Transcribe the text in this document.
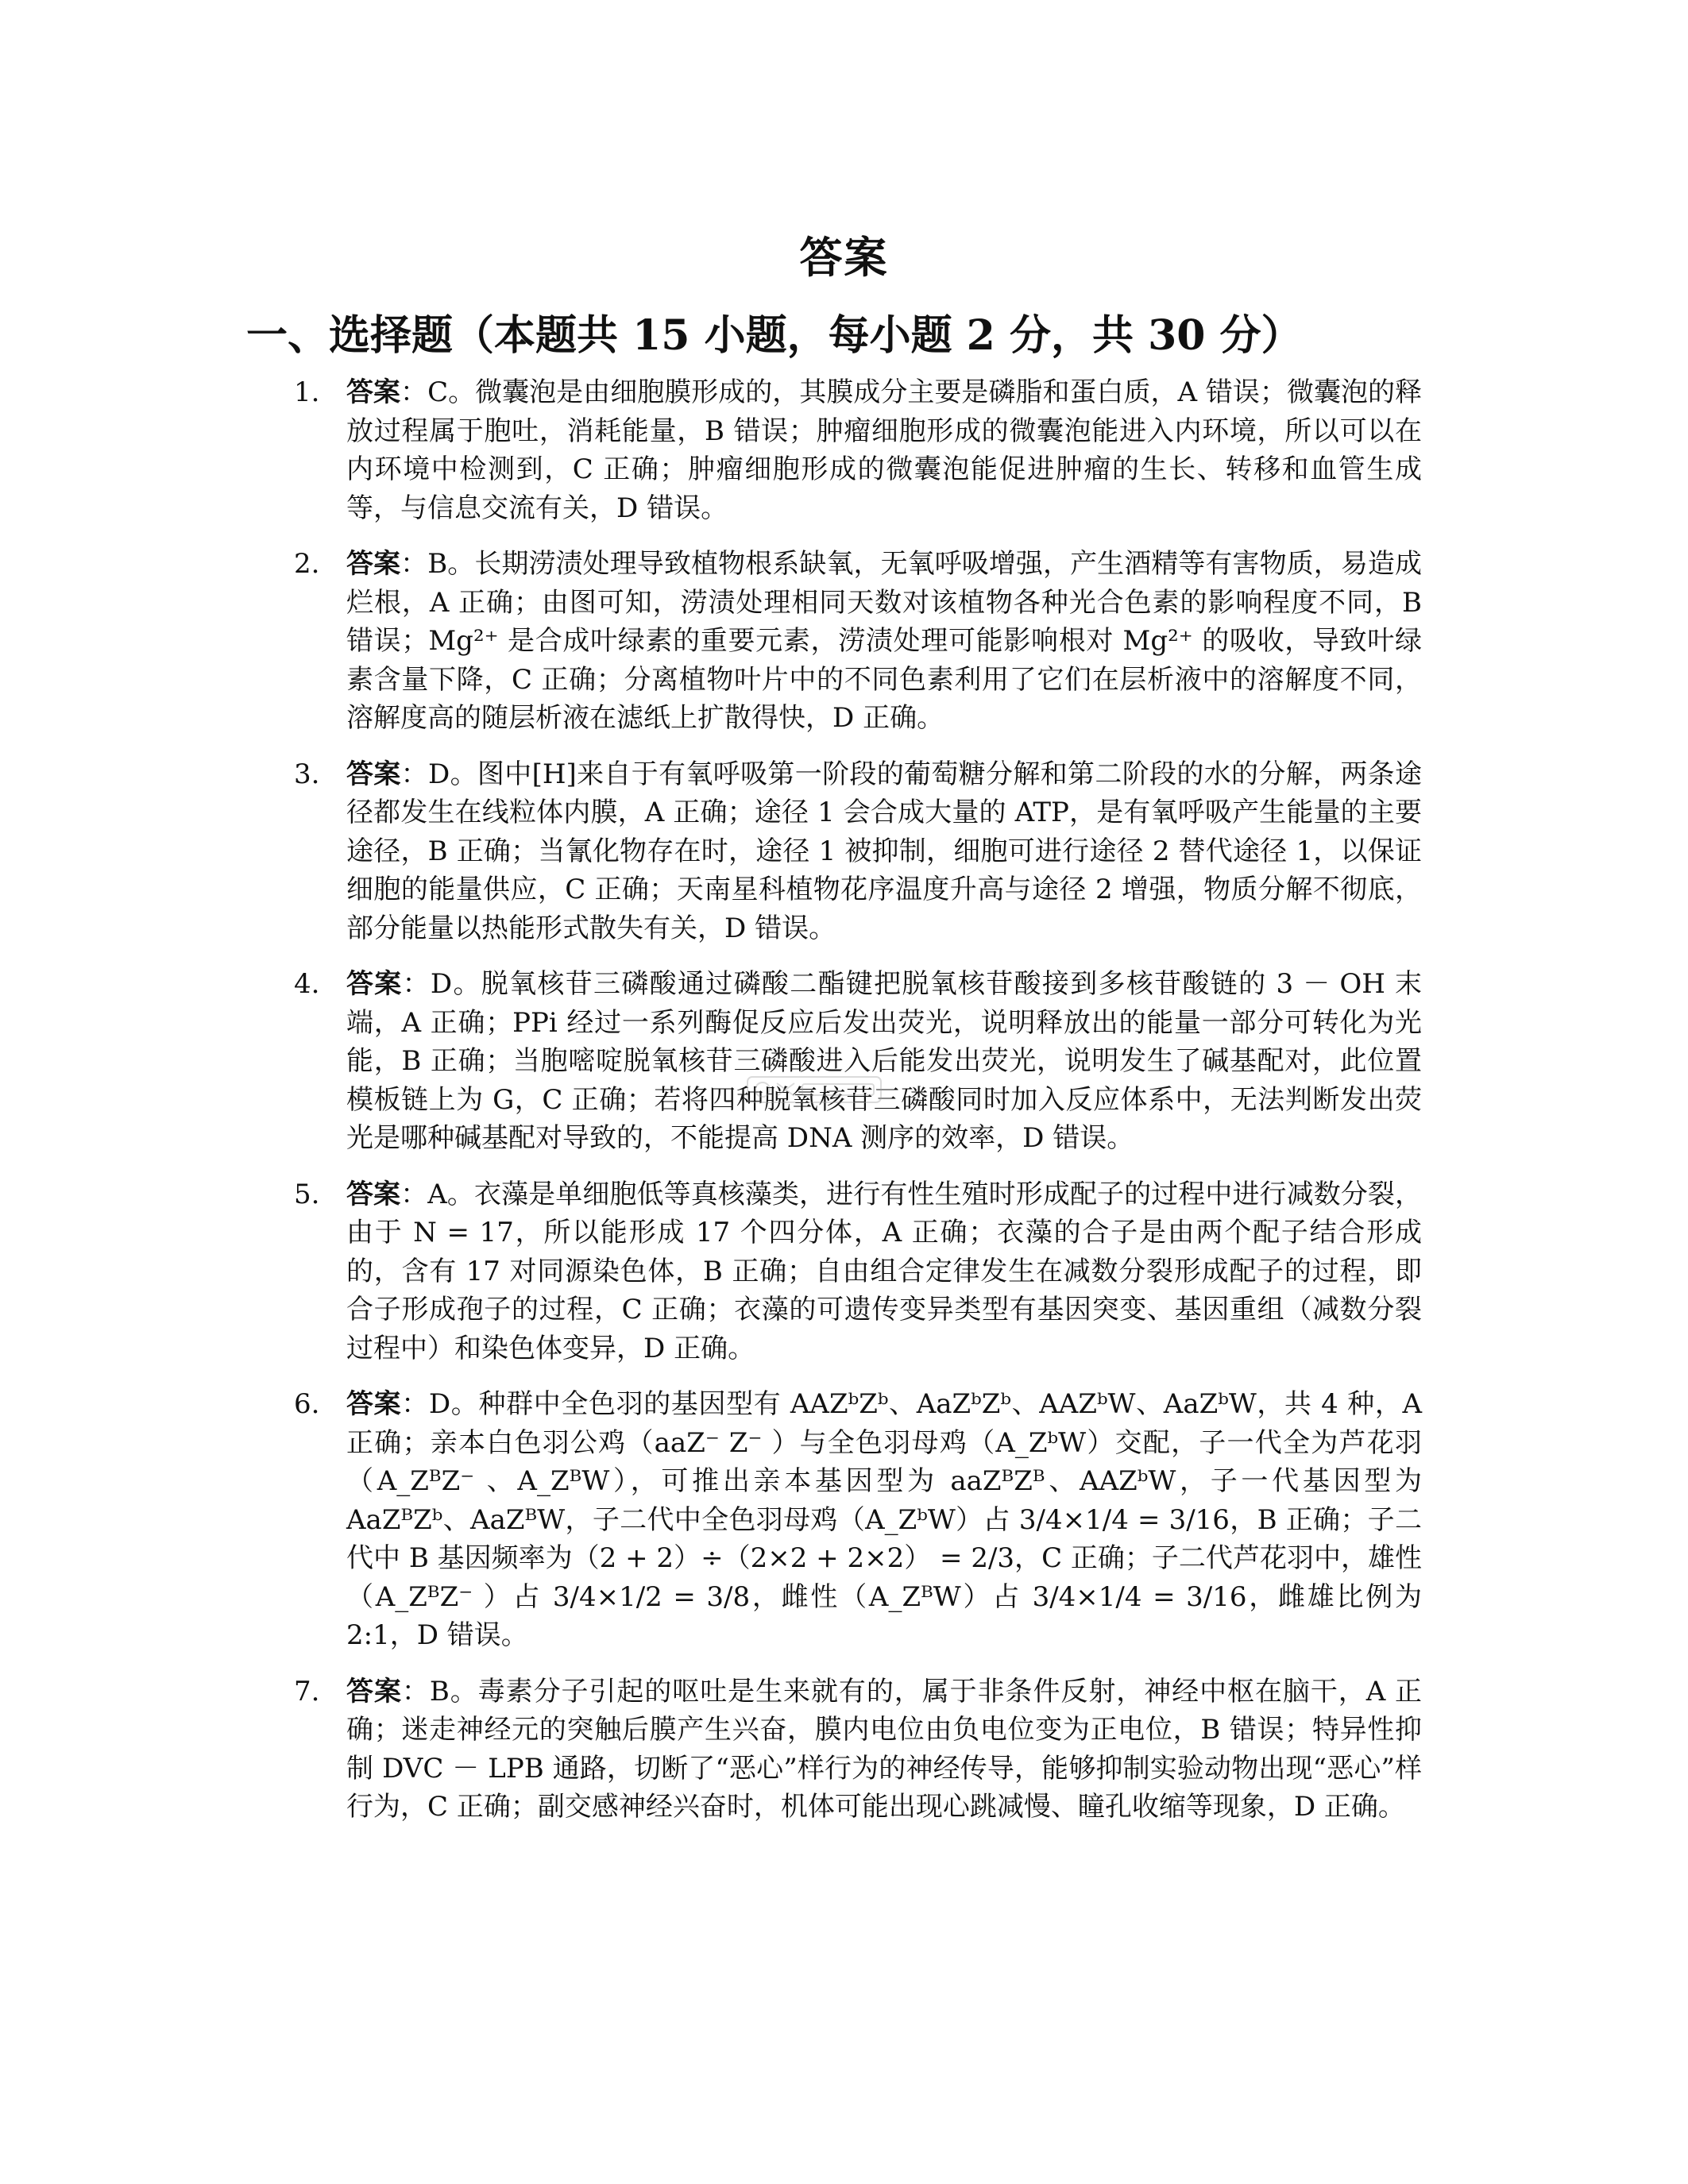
答案
一、选择题（本题共 15 小题，每小题 2 分，共 30 分）
1. 答案：C。微囊泡是由细胞膜形成的，其膜成分主要是磷脂和蛋白质，A 错误；微囊泡的释放过程属于胞吐，消耗能量，B 错误；肿瘤细胞形成的微囊泡能进入内环境，所以可以在内环境中检测到，C 正确；肿瘤细胞形成的微囊泡能促进肿瘤的生长、转移和血管生成等，与信息交流有关，D 错误。
2. 答案：B。长期涝渍处理导致植物根系缺氧，无氧呼吸增强，产生酒精等有害物质，易造成烂根，A 正确；由图可知，涝渍处理相同天数对该植物各种光合色素的影响程度不同，B 错误；Mg²⁺ 是合成叶绿素的重要元素，涝渍处理可能影响根对 Mg²⁺ 的吸收，导致叶绿素含量下降，C 正确；分离植物叶片中的不同色素利用了它们在层析液中的溶解度不同，溶解度高的随层析液在滤纸上扩散得快，D 正确。
3. 答案：D。图中[H]来自于有氧呼吸第一阶段的葡萄糖分解和第二阶段的水的分解，两条途径都发生在线粒体内膜，A 正确；途径 1 会合成大量的 ATP，是有氧呼吸产生能量的主要途径，B 正确；当氰化物存在时，途径 1 被抑制，细胞可进行途径 2 替代途径 1，以保证细胞的能量供应，C 正确；天南星科植物花序温度升高与途径 2 增强，物质分解不彻底，部分能量以热能形式散失有关，D 错误。
4. 答案：D。脱氧核苷三磷酸通过磷酸二酯键把脱氧核苷酸接到多核苷酸链的 3 － OH 末端，A 正确；PPi 经过一系列酶促反应后发出荧光，说明释放出的能量一部分可转化为光能，B 正确；当胞嘧啶脱氧核苷三磷酸进入后能发出荧光，说明发生了碱基配对，此位置模板链上为 G，C 正确；若将四种脱氧核苷三磷酸同时加入反应体系中，无法判断发出荧光是哪种碱基配对导致的，不能提高 DNA 测序的效率，D 错误。
5. 答案：A。衣藻是单细胞低等真核藻类，进行有性生殖时形成配子的过程中进行减数分裂，由于 N = 17，所以能形成 17 个四分体，A 正确；衣藻的合子是由两个配子结合形成的，含有 17 对同源染色体，B 正确；自由组合定律发生在减数分裂形成配子的过程，即合子形成孢子的过程，C 正确；衣藻的可遗传变异类型有基因突变、基因重组（减数分裂过程中）和染色体变异，D 正确。
6. 答案：D。种群中全色羽的基因型有 AAZᵇZᵇ、AaZᵇZᵇ、AAZᵇW、AaZᵇW，共 4 种，A 正确；亲本白色羽公鸡（aaZ⁻ Z⁻ ）与全色羽母鸡（A_ZᵇW）交配，子一代全为芦花羽（A_ZᴮZ⁻ 、A_ZᴮW），可推出亲本基因型为 aaZᴮZᴮ、AAZᵇW，子一代基因型为 AaZᴮZᵇ、AaZᴮW，子二代中全色羽母鸡（A_ZᵇW）占 3/4×1/4 = 3/16，B 正确；子二代中 B 基因频率为（2 + 2）÷（2×2 + 2×2） = 2/3，C 正确；子二代芦花羽中，雄性（A_ZᴮZ⁻ ）占 3/4×1/2 = 3/8，雌性（A_ZᴮW）占 3/4×1/4 = 3/16，雌雄比例为 2:1，D 错误。
7. 答案：B。毒素分子引起的呕吐是生来就有的，属于非条件反射，神经中枢在脑干，A 正确；迷走神经元的突触后膜产生兴奋，膜内电位由负电位变为正电位，B 错误；特异性抑制 DVC － LPB 通路，切断了“恶心”样行为的神经传导，能够抑制实验动物出现“恶心”样行为，C 正确；副交感神经兴奋时，机体可能出现心跳减慢、瞳孔收缩等现象，D 正确。
